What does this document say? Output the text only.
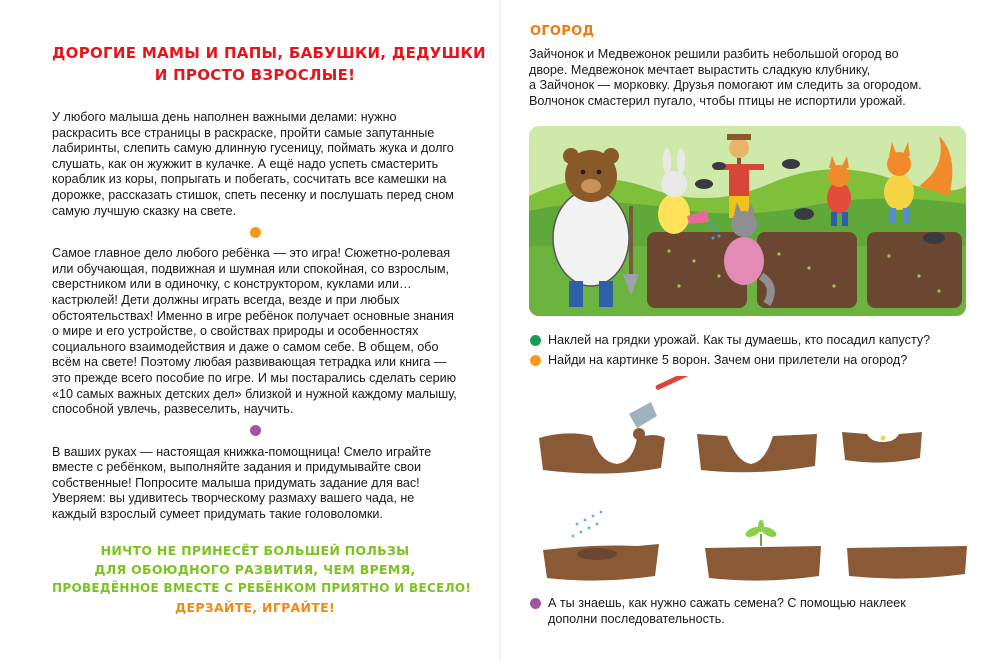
ДОРОГИЕ МАМЫ И ПАПЫ, БАБУШКИ, ДЕДУШКИ
И ПРОСТО ВЗРОСЛЫЕ!

У любого малыша день наполнен важными делами: нужно раскрасить все страницы в раскраске, пройти самые запутанные лабиринты, слепить самую длинную гусеницу, поймать жука и долго слушать, как он жужжит в кулачке. А ещё надо успеть смастерить кораблик из коры, попрыгать и побегать, сосчитать все камешки на дорожке, рассказать стишок, спеть песенку и послушать перед сном самую лучшую сказку на свете.

Самое главное дело любого ребёнка — это игра! Сюжетно-ролевая или обучающая, подвижная и шумная или спокойная, со взрослым, сверстником или в одиночку, с конструктором, куклами или… кастрюлей! Дети должны играть всегда, везде и при любых обстоятельствах! Именно в игре ребёнок получает основные знания о мире и его устройстве, о свойствах природы и особенностях социального взаимодействия и даже о самом себе. В общем, обо всём на свете! Поэтому любая развивающая тетрадка или книга — это прежде всего пособие по игре. И мы постарались сделать серию «10 самых важных детских дел» близкой и нужной каждому малышу, способной увлечь, развеселить, научить.

В ваших руках — настоящая книжка-помощница! Смело играйте вместе с ребёнком, выполняйте задания и придумывайте свои собственные! Попросите малыша придумать задание для вас! Уверяем: вы удивитесь творческому размаху вашего чада, не каждый взрослый сумеет придумать такие головоломки.

НИЧТО НЕ ПРИНЕСЁТ БОЛЬШЕЙ ПОЛЬЗЫ
ДЛЯ ОБОЮДНОГО РАЗВИТИЯ, ЧЕМ ВРЕМЯ,
ПРОВЕДЁННОЕ ВМЕСТЕ С РЕБЁНКОМ ПРИЯТНО И ВЕСЕЛО!
ДЕРЗАЙТЕ, ИГРАЙТЕ!
ОГОРОД

Зайчонок и Медвежонок решили разбить небольшой огород во
дворе. Медвежонок мечтает вырастить сладкую клубнику,
а Зайчонок — морковку. Друзья помогают им следить за огородом.
Волчонок смастерил пугало, чтобы птицы не испортили урожай.

Наклей на грядки урожай. Как ты думаешь, кто посадил капусту?
Найди на картинке 5 ворон. Зачем они прилетели на огород?
А ты знаешь, как нужно сажать семена? С помощью наклеек
дополни последовательность.
